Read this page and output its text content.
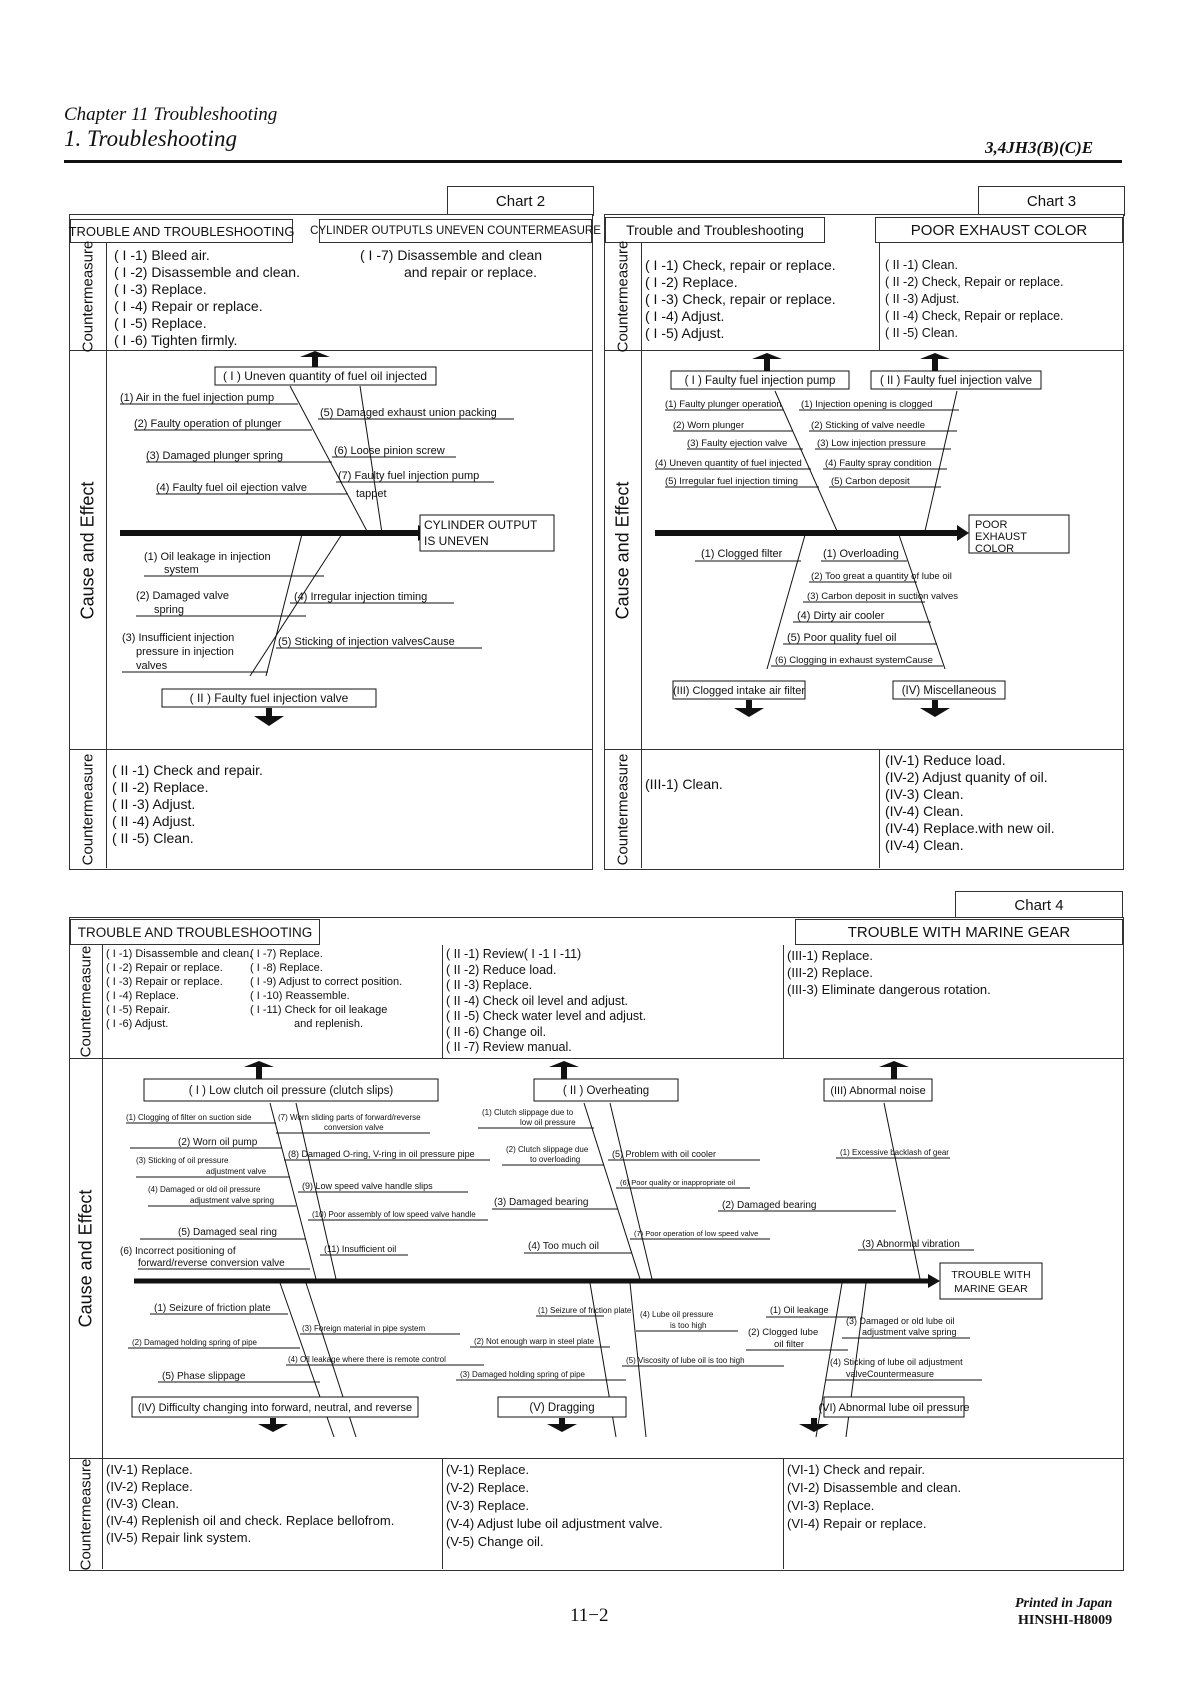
Chapter 11 Troubleshooting
1. Troubleshooting	3,4JH3(B)(C)E
Chart 2
TROUBLE AND TROUBLESHOOTING CYLINDER OUTPUTLS UNEVEN COUNTERMEASURE
Countermeasure ( I -1) Bleed air.
( I -2) Disassemble and clean.
( I -3) Replace.
( I -4) Repair or replace.
( I -5) Replace.
( I -6) Tighten firmly.
( I -7) Disassemble and clean
and repair or replace.
Cause and Effect
( I ) Uneven quantity of fuel oil injected
CYLINDER OUTPUT
IS UNEVEN
(1) Air in the fuel injection pump
(2) Faulty operation of plunger
(3) Damaged plunger spring
(4) Faulty fuel oil ejection valve
(5) Damaged exhaust union packing
(6) Loose pinion screw
(7) Faulty fuel injection pump
tappet
(1) Oil leakage in injection
system
(2) Damaged valve
spring
(3) Insufficient injection
pressure in injection
valves
(4) Irregular injection timing
(5) Sticking of injection valvesCause
( II ) Faulty fuel injection valve
Countermeasure ( II -1) Check and repair.
( II -2) Replace.
( II -3) Adjust.
( II -4) Adjust.
( II -5) Clean.
Chart 3
Trouble and Troubleshooting	POOR EXHAUST COLOR
Countermeasure ( I -1) Check, repair or replace.
( I -2) Replace.
( I -3) Check, repair or replace.
( I -4) Adjust.
( I -5) Adjust.
( II -1) Clean.
( II -2) Check, Repair or replace.
( II -3) Adjust.
( II -4) Check, Repair or replace.
( II -5) Clean.
Cause and Effect
( I ) Faulty fuel injection pump	( II ) Faulty fuel injection valve
POOR
EXHAUST
COLOR
(1) Faulty plunger operation
(2) Worn plunger
(3) Faulty ejection valve
(4) Uneven quantity of fuel injected
(5) Irregular fuel injection timing
(1) Injection opening is clogged
(2) Sticking of valve needle
(3) Low injection pressure
(4) Faulty spray condition
(5) Carbon deposit
(1) Clogged filter	(1) Overloading
(2) Too great a quantity of lube oil
(3) Carbon deposit in suction valves
(4) Dirty air cooler
(5) Poor quality fuel oil
(6) Clogging in exhaust systemCause
(III) Clogged intake air filter	(IV) Miscellaneous
Countermeasure (III-1) Clean.
(IV-1) Reduce load.
(IV-2) Adjust quanity of oil.
(IV-3) Clean.
(IV-4) Clean.
(IV-4) Replace.with new oil.
(IV-4) Clean.
Chart 4
TROUBLE AND TROUBLESHOOTING	TROUBLE WITH MARINE GEAR
Countermeasure ( I -1) Disassemble and clean.
( I -2) Repair or replace.
( I -3) Repair or replace.
( I -4) Replace.
( I -5) Repair.
( I -6) Adjust.
( I -7) Replace.
( I -8) Replace.
( I -9) Adjust to correct position.
( I -10) Reassemble.
( I -11) Check for oil leakage
and replenish.
( II -1) Review( I -1 I -11)
( II -2) Reduce load.
( II -3) Replace.
( II -4) Check oil level and adjust.
( II -5) Check water level and adjust.
( II -6) Change oil.
( II -7) Review manual.
(III-1) Replace.
(III-2) Replace.
(III-3) Eliminate dangerous rotation.
Cause and Effect
( I ) Low clutch oil pressure (clutch slips)	( II ) Overheating	(III) Abnormal noise
TROUBLE WITH
MARINE GEAR
(1) Clogging of filter on suction side
(2) Worn oil pump
(3) Sticking of oil pressure
adjustment valve
(4) Damaged or old oil pressure
adjustment valve spring
(5) Damaged seal ring
(6) Incorrect positioning of
forward/reverse conversion valve
(7) Worn sliding parts of forward/reverse
conversion valve
(8) Damaged O-ring, V-ring in oil pressure pipe
(9) Low speed valve handle slips
(10) Poor assembly of low speed valve handle
(11) Insufficient oil
(1) Clutch slippage due to
low oil pressure
(2) Clutch slippage due
to overloading
(3) Damaged bearing
(4) Too much oil
(5) Problem with oil cooler
(6) Poor quality or inappropriate oil
(7) Poor operation of low speed valve
(1) Excessive backlash of gear
(2) Damaged bearing
(3) Abnormal vibration
(1) Seizure of friction plate
(2) Damaged holding spring of pipe
(3) Foreign material in pipe system
(4) Oil leakage where there is remote control
(5) Phase slippage
(1) Seizure of friction plate
(2) Not enough warp in steel plate
(3) Damaged holding spring of pipe
(4) Lube oil pressure
is too high
(5) Viscosity of lube oil is too high
(1) Oil leakage
(2) Clogged lube
oil filter
(3) Damaged or old lube oil
adjustment valve spring
(4) Sticking of lube oil adjustment
valveCountermeasure
(IV) Difficulty changing into forward, neutral, and reverse	(V) Dragging	(VI) Abnormal lube oil pressure
Countermeasure (IV-1) Replace.
(IV-2) Replace.
(IV-3) Clean.
(IV-4) Replenish oil and check. Replace bellofrom.
(IV-5) Repair link system.
(V-1) Replace.
(V-2) Replace.
(V-3) Replace.
(V-4) Adjust lube oil adjustment valve.
(V-5) Change oil.
(VI-1) Check and repair.
(VI-2) Disassemble and clean.
(VI-3) Replace.
(VI-4) Repair or replace.
11−2
Printed in Japan
HINSHI-H8009
